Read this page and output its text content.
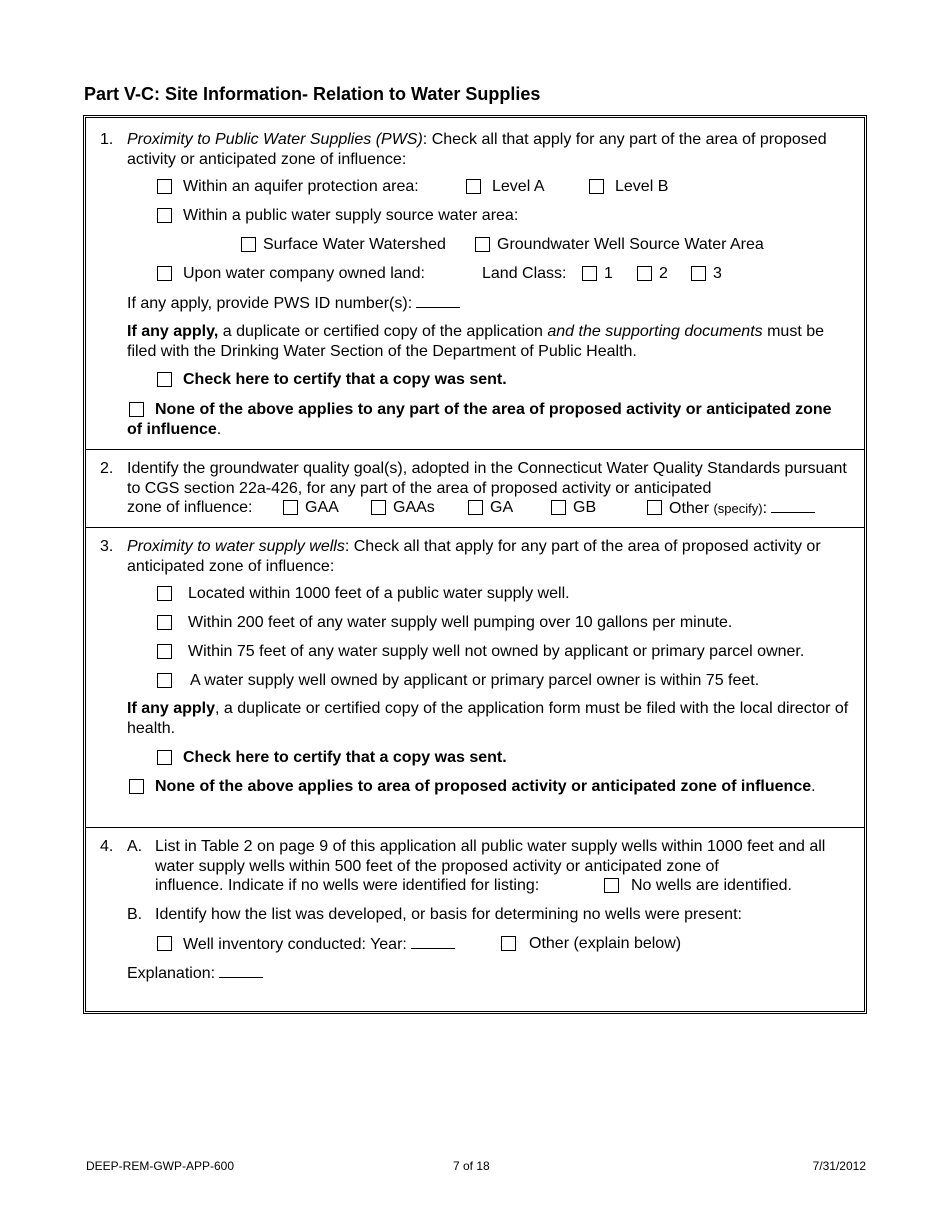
Part V-C: Site Information- Relation to Water Supplies
1. Proximity to Public Water Supplies (PWS): Check all that apply for any part of the area of proposed activity or anticipated zone of influence:
Within an aquifer protection area:	Level A	Level B
Within a public water supply source water area:
Surface Water Watershed	Groundwater Well Source Water Area
Upon water company owned land:	Land Class: 1	2	3
If any apply, provide PWS ID number(s):
If any apply, a duplicate or certified copy of the application and the supporting documents must be filed with the Drinking Water Section of the Department of Public Health.
Check here to certify that a copy was sent.
None of the above applies to any part of the area of proposed activity or anticipated zone of influence.
2. Identify the groundwater quality goal(s), adopted in the Connecticut Water Quality Standards pursuant to CGS section 22a-426, for any part of the area of proposed activity or anticipated
zone of influence:	GAA	GAAs	GA	GB	Other (specify):
3. Proximity to water supply wells: Check all that apply for any part of the area of proposed activity or anticipated zone of influence:
Located within 1000 feet of a public water supply well.
Within 200 feet of any water supply well pumping over 10 gallons per minute.
Within 75 feet of any water supply well not owned by applicant or primary parcel owner.
A water supply well owned by applicant or primary parcel owner is within 75 feet.
If any apply, a duplicate or certified copy of the application form must be filed with the local director of health.
Check here to certify that a copy was sent.
None of the above applies to area of proposed activity or anticipated zone of influence.
4. A. List in Table 2 on page 9 of this application all public water supply wells within 1000 feet and all water supply wells within 500 feet of the proposed activity or anticipated zone of
influence. Indicate if no wells were identified for listing:	No wells are identified.
B. Identify how the list was developed, or basis for determining no wells were present:
Well inventory conducted: Year:	Other (explain below)
Explanation:
DEEP-REM-GWP-APP-600	7 of 18	7/31/2012
